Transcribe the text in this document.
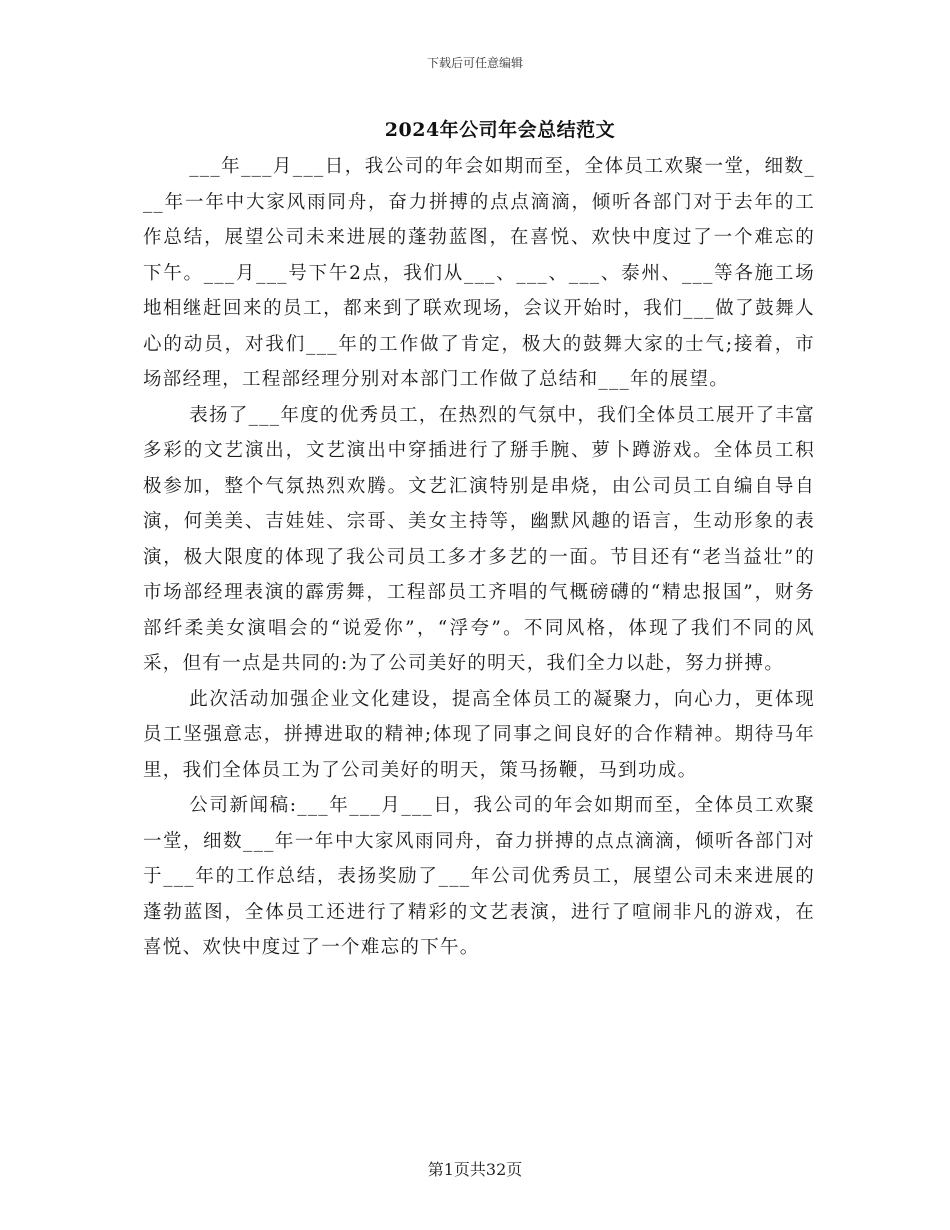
下载后可任意编辑
2024年公司年会总结范文

___年___月___日，我公司的年会如期而至，全体员工欢聚一堂，细数___年一年中大家风雨同舟，奋力拼搏的点点滴滴，倾听各部门对于去年的工作总结，展望公司未来进展的蓬勃蓝图，在喜悦、欢快中度过了一个难忘的下午。___月___号下午2点，我们从___、___、___、泰州、___等各施工场地相继赶回来的员工，都来到了联欢现场，会议开始时，我们___做了鼓舞人心的动员，对我们___年的工作做了肯定，极大的鼓舞大家的士气;接着，市场部经理，工程部经理分别对本部门工作做了总结和___年的展望。

表扬了___年度的优秀员工，在热烈的气氛中，我们全体员工展开了丰富多彩的文艺演出，文艺演出中穿插进行了掰手腕、萝卜蹲游戏。全体员工积极参加，整个气氛热烈欢腾。文艺汇演特别是串烧，由公司员工自编自导自演，何美美、吉娃娃、宗哥、美女主持等，幽默风趣的语言，生动形象的表演，极大限度的体现了我公司员工多才多艺的一面。节目还有“老当益壮”的市场部经理表演的霹雳舞，工程部员工齐唱的气概磅礴的“精忠报国”，财务部纤柔美女演唱会的“说爱你”，“浮夸”。不同风格，体现了我们不同的风采，但有一点是共同的:为了公司美好的明天，我们全力以赴，努力拼搏。

此次活动加强企业文化建设，提高全体员工的凝聚力，向心力，更体现员工坚强意志，拼搏进取的精神;体现了同事之间良好的合作精神。期待马年里，我们全体员工为了公司美好的明天，策马扬鞭，马到功成。

公司新闻稿:___年___月___日，我公司的年会如期而至，全体员工欢聚一堂，细数___年一年中大家风雨同舟，奋力拼搏的点点滴滴，倾听各部门对于___年的工作总结，表扬奖励了___年公司优秀员工，展望公司未来进展的蓬勃蓝图，全体员工还进行了精彩的文艺表演，进行了喧闹非凡的游戏，在喜悦、欢快中度过了一个难忘的下午。

第1页共32页
